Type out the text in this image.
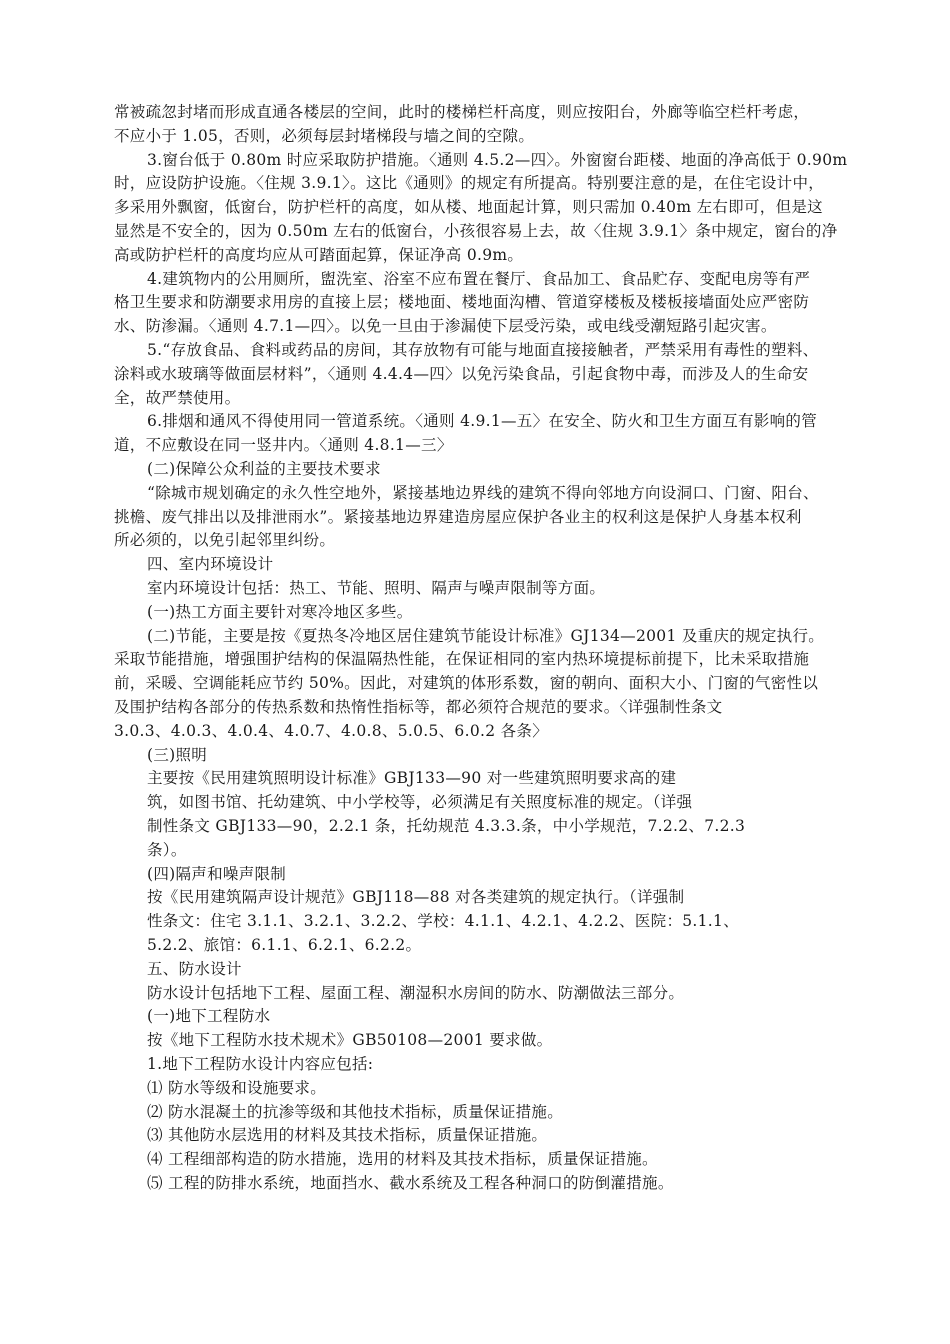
常被疏忽封堵而形成直通各楼层的空间，此时的楼梯栏杆高度，则应按阳台，外廊等临空栏杆考虑，
不应小于 1.05，否则，必须每层封堵梯段与墙之间的空隙。
3.窗台低于 0.80m 时应采取防护措施。〈通则 4.5.2—四〉。外窗窗台距楼、地面的净高低于 0.90m
时，应设防护设施。〈住规 3.9.1〉。这比《通则》的规定有所提高。特别要注意的是，在住宅设计中，
多采用外飘窗，低窗台，防护栏杆的高度，如从楼、地面起计算，则只需加 0.40m 左右即可，但是这
显然是不安全的，因为 0.50m 左右的低窗台，小孩很容易上去，故〈住规 3.9.1〉条中规定，窗台的净
高或防护栏杆的高度均应从可踏面起算，保证净高 0.9m。
4.建筑物内的公用厕所，盥洗室、浴室不应布置在餐厅、食品加工、食品贮存、变配电房等有严
格卫生要求和防潮要求用房的直接上层；楼地面、楼地面沟槽、管道穿楼板及楼板接墙面处应严密防
水、防渗漏。〈通则 4.7.1—四〉。以免一旦由于渗漏使下层受污染，或电线受潮短路引起灾害。
5.“存放食品、食料或药品的房间，其存放物有可能与地面直接接触者，严禁采用有毒性的塑料、
涂料或水玻璃等做面层材料”，〈通则 4.4.4—四〉以免污染食品，引起食物中毒，而涉及人的生命安
全，故严禁使用。
6.排烟和通风不得使用同一管道系统。〈通则 4.9.1—五〉在安全、防火和卫生方面互有影响的管
道，不应敷设在同一竖井内。〈通则 4.8.1—三〉
(二)保障公众利益的主要技术要求
“除城市规划确定的永久性空地外，紧接基地边界线的建筑不得向邻地方向设洞口、门窗、阳台、
挑檐、废气排出以及排泄雨水”。紧接基地边界建造房屋应保护各业主的权利这是保护人身基本权利
所必须的，以免引起邻里纠纷。
四、室内环境设计
室内环境设计包括：热工、节能、照明、隔声与噪声限制等方面。
(一)热工方面主要针对寒冷地区多些。
(二)节能，主要是按《夏热冬冷地区居住建筑节能设计标准》GJ134—2001 及重庆的规定执行。
采取节能措施，增强围护结构的保温隔热性能，在保证相同的室内热环境提标前提下，比未采取措施
前，采暖、空调能耗应节约 50%。因此，对建筑的体形系数，窗的朝向、面积大小、门窗的气密性以
及围护结构各部分的传热系数和热惰性指标等，都必须符合规范的要求。〈详强制性条文
3.0.3、4.0.3、4.0.4、4.0.7、4.0.8、5.0.5、6.0.2 各条〉
(三)照明
主要按《民用建筑照明设计标准》GBJ133—90 对一些建筑照明要求高的建
筑，如图书馆、托幼建筑、中小学校等，必须满足有关照度标准的规定。（详强
制性条文 GBJ133—90，2.2.1 条，托幼规范 4.3.3.条，中小学规范，7.2.2、7.2.3
条）。
(四)隔声和噪声限制
按《民用建筑隔声设计规范》GBJ118—88 对各类建筑的规定执行。（详强制
性条文：住宅 3.1.1、3.2.1、3.2.2、学校：4.1.1、4.2.1、4.2.2、医院：5.1.1、
5.2.2、旅馆：6.1.1、6.2.1、6.2.2。
五、防水设计
防水设计包括地下工程、屋面工程、潮湿积水房间的防水、防潮做法三部分。
(一)地下工程防水
按《地下工程防水技术规术》GB50108—2001 要求做。
1.地下工程防水设计内容应包括:
⑴ 防水等级和设施要求。
⑵ 防水混凝土的抗渗等级和其他技术指标，质量保证措施。
⑶ 其他防水层选用的材料及其技术指标，质量保证措施。
⑷ 工程细部构造的防水措施，选用的材料及其技术指标，质量保证措施。
⑸ 工程的防排水系统，地面挡水、截水系统及工程各种洞口的防倒灌措施。
